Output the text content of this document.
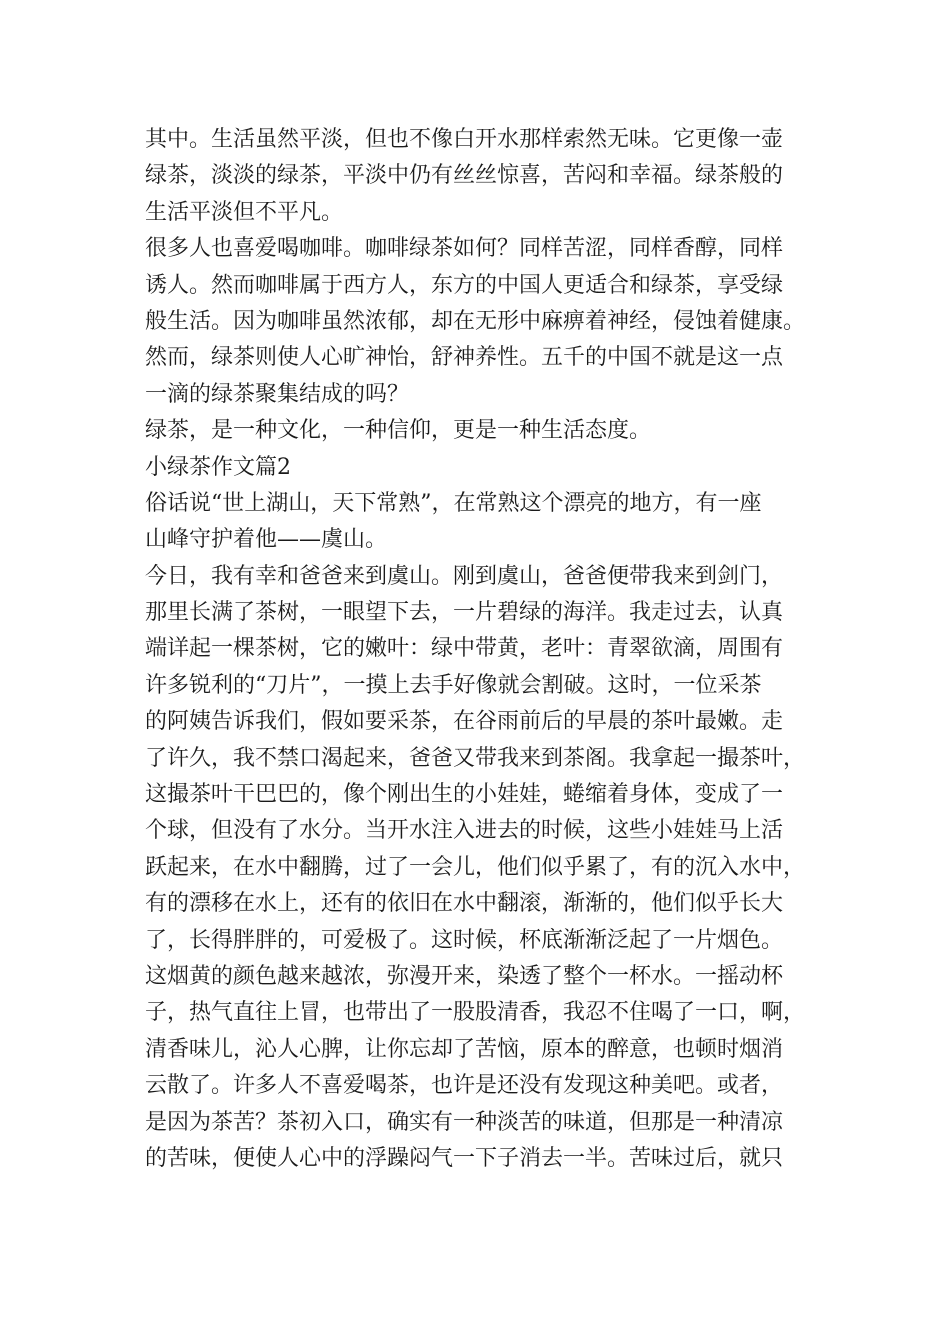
其中。生活虽然平淡，但也不像白开水那样索然无味。它更像一壶
绿茶，淡淡的绿茶，平淡中仍有丝丝惊喜，苦闷和幸福。绿茶般的
生活平淡但不平凡。
很多人也喜爱喝咖啡。咖啡绿茶如何？同样苦涩，同样香醇，同样
诱人。然而咖啡属于西方人，东方的中国人更适合和绿茶，享受绿
般生活。因为咖啡虽然浓郁，却在无形中麻痹着神经，侵蚀着健康。
然而，绿茶则使人心旷神怡，舒神养性。五千的中国不就是这一点
一滴的绿茶聚集结成的吗？
绿茶，是一种文化，一种信仰，更是一种生活态度。
小绿茶作文篇2
俗话说“世上湖山，天下常熟”，在常熟这个漂亮的地方，有一座
山峰守护着他——虞山。
今日，我有幸和爸爸来到虞山。刚到虞山，爸爸便带我来到剑门，
那里长满了茶树，一眼望下去，一片碧绿的海洋。我走过去，认真
端详起一棵茶树，它的嫩叶：绿中带黄，老叶：青翠欲滴，周围有
许多锐利的“刀片”，一摸上去手好像就会割破。这时，一位采茶
的阿姨告诉我们，假如要采茶，在谷雨前后的早晨的茶叶最嫩。走
了许久，我不禁口渴起来，爸爸又带我来到茶阁。我拿起一撮茶叶，
这撮茶叶干巴巴的，像个刚出生的小娃娃，蜷缩着身体，变成了一
个球，但没有了水分。当开水注入进去的时候，这些小娃娃马上活
跃起来，在水中翻腾，过了一会儿，他们似乎累了，有的沉入水中，
有的漂移在水上，还有的依旧在水中翻滚，渐渐的，他们似乎长大
了，长得胖胖的，可爱极了。这时候，杯底渐渐泛起了一片烟色。
这烟黄的颜色越来越浓，弥漫开来，染透了整个一杯水。一摇动杯
子，热气直往上冒，也带出了一股股清香，我忍不住喝了一口，啊，
清香味儿，沁人心脾，让你忘却了苦恼，原本的醉意，也顿时烟消
云散了。许多人不喜爱喝茶，也许是还没有发现这种美吧。或者，
是因为茶苦？茶初入口，确实有一种淡苦的味道，但那是一种清凉
的苦味，便使人心中的浮躁闷气一下子消去一半。苦味过后，就只
